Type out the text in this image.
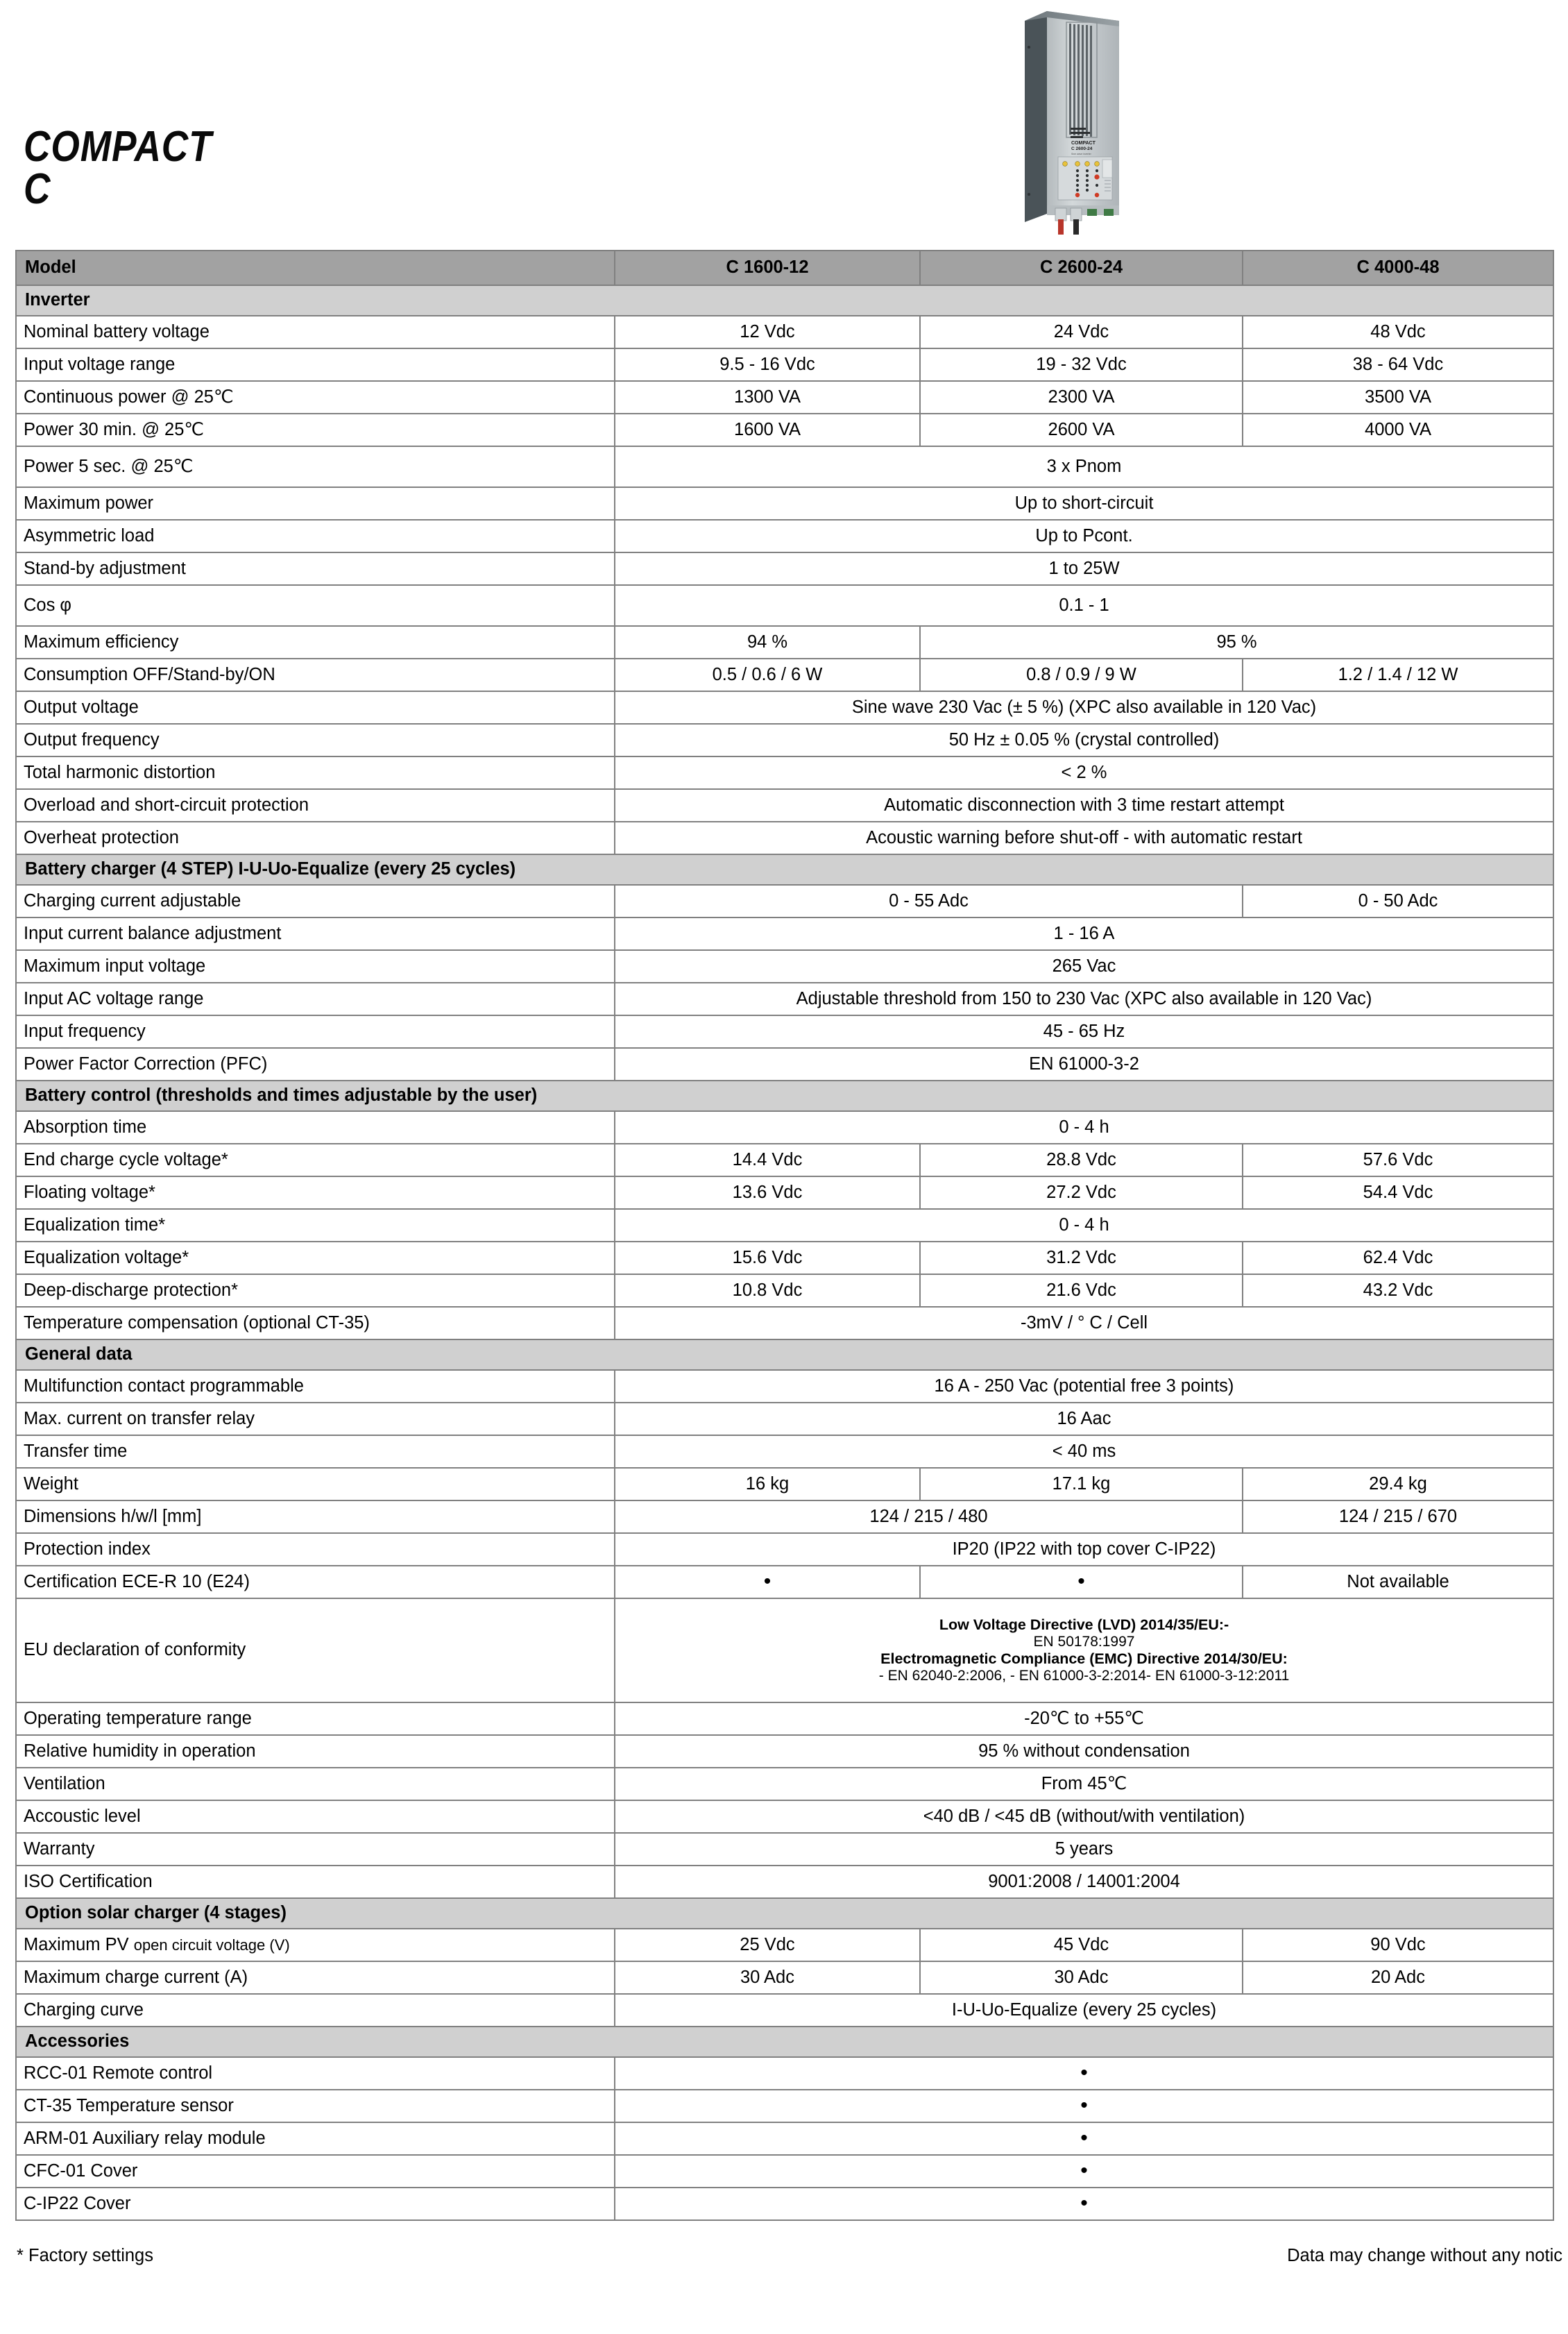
COMPACT
C
COMPACT
C 2600-24
Sine wave inverter
Model	C 1600-12	C 2600-24	C 4000-48
Inverter			
Nominal battery voltage	12 Vdc	24 Vdc	48 Vdc
Input voltage range	9.5 - 16 Vdc	19 - 32 Vdc	38 - 64 Vdc
Continuous power @ 25℃	1300 VA	2300 VA	3500 VA
Power 30 min. @ 25℃	1600 VA	2600 VA	4000 VA
Power 5 sec. @ 25℃	3 x Pnom		
Maximum power	Up to short-circuit		
Asymmetric load	Up to Pcont.		
Stand-by adjustment	1 to 25W		
Cos φ	0.1 - 1		
Maximum efficiency	94 %	95 %	
Consumption OFF/Stand-by/ON	0.5 / 0.6 / 6 W	0.8 / 0.9 / 9 W	1.2 / 1.4 / 12 W
Output voltage	Sine wave 230 Vac (± 5 %) (XPC also available in 120 Vac)		
Output frequency	50 Hz ± 0.05 % (crystal controlled)		
Total harmonic distortion	< 2 %		
Overload and short-circuit protection	Automatic disconnection with 3 time restart attempt		
Overheat protection	Acoustic warning before shut-off - with automatic restart		
Battery charger (4 STEP) I-U-Uo-Equalize (every 25 cycles)			
Charging current adjustable	0 - 55 Adc		0 - 50 Adc
Input current balance adjustment	1 - 16 A		
Maximum input voltage	265 Vac		
Input AC voltage range	Adjustable threshold from 150 to 230 Vac (XPC also available in 120 Vac)		
Input frequency	45 - 65 Hz		
Power Factor Correction (PFC)	EN 61000-3-2		
Battery control (thresholds and times adjustable by the user)			
Absorption time	0 - 4 h		
End charge cycle voltage*	14.4 Vdc	28.8 Vdc	57.6 Vdc
Floating voltage*	13.6 Vdc	27.2 Vdc	54.4 Vdc
Equalization time*	0 - 4 h		
Equalization voltage*	15.6 Vdc	31.2 Vdc	62.4 Vdc
Deep-discharge protection*	10.8 Vdc	21.6 Vdc	43.2 Vdc
Temperature compensation (optional CT-35)	-3mV / ° C / Cell		
General data			
Multifunction contact programmable	16 A - 250 Vac (potential free 3 points)		
Max. current on transfer relay	16 Aac		
Transfer time	< 40 ms		
Weight	16 kg	17.1 kg	29.4 kg
Dimensions h/w/l [mm]	124 / 215 / 480		124 / 215 / 670
Protection index	IP20 (IP22 with top cover C-IP22)		
Certification ECE-R 10 (E24)	•	•	Not available
EU declaration of conformity	Low Voltage Directive (LVD) 2014/35/EU:-
EN 50178:1997
Electromagnetic Compliance (EMC) Directive 2014/30/EU:
- EN 62040-2:2006, - EN 61000-3-2:2014- EN 61000-3-12:2011		

Operating temperature range	-20℃ to +55℃		
Relative humidity in operation	95 % without condensation		
Ventilation	From 45℃		
Accoustic level	<40 dB / <45 dB (without/with ventilation)		
Warranty	5 years		
ISO Certification	9001:2008 / 14001:2004		
Option solar charger (4 stages)			
Maximum PV open circuit voltage (V)	25 Vdc	45 Vdc	90 Vdc
Maximum charge current (A)	30 Adc	30 Adc	20 Adc
Charging curve	I-U-Uo-Equalize (every 25 cycles)		
Accessories			
RCC-01 Remote control	•		
CT-35 Temperature sensor	•		
ARM-01 Auxiliary relay module	•		
CFC-01 Cover	•		
C-IP22 Cover	•		
* Factory settings	Data may change without any notic
